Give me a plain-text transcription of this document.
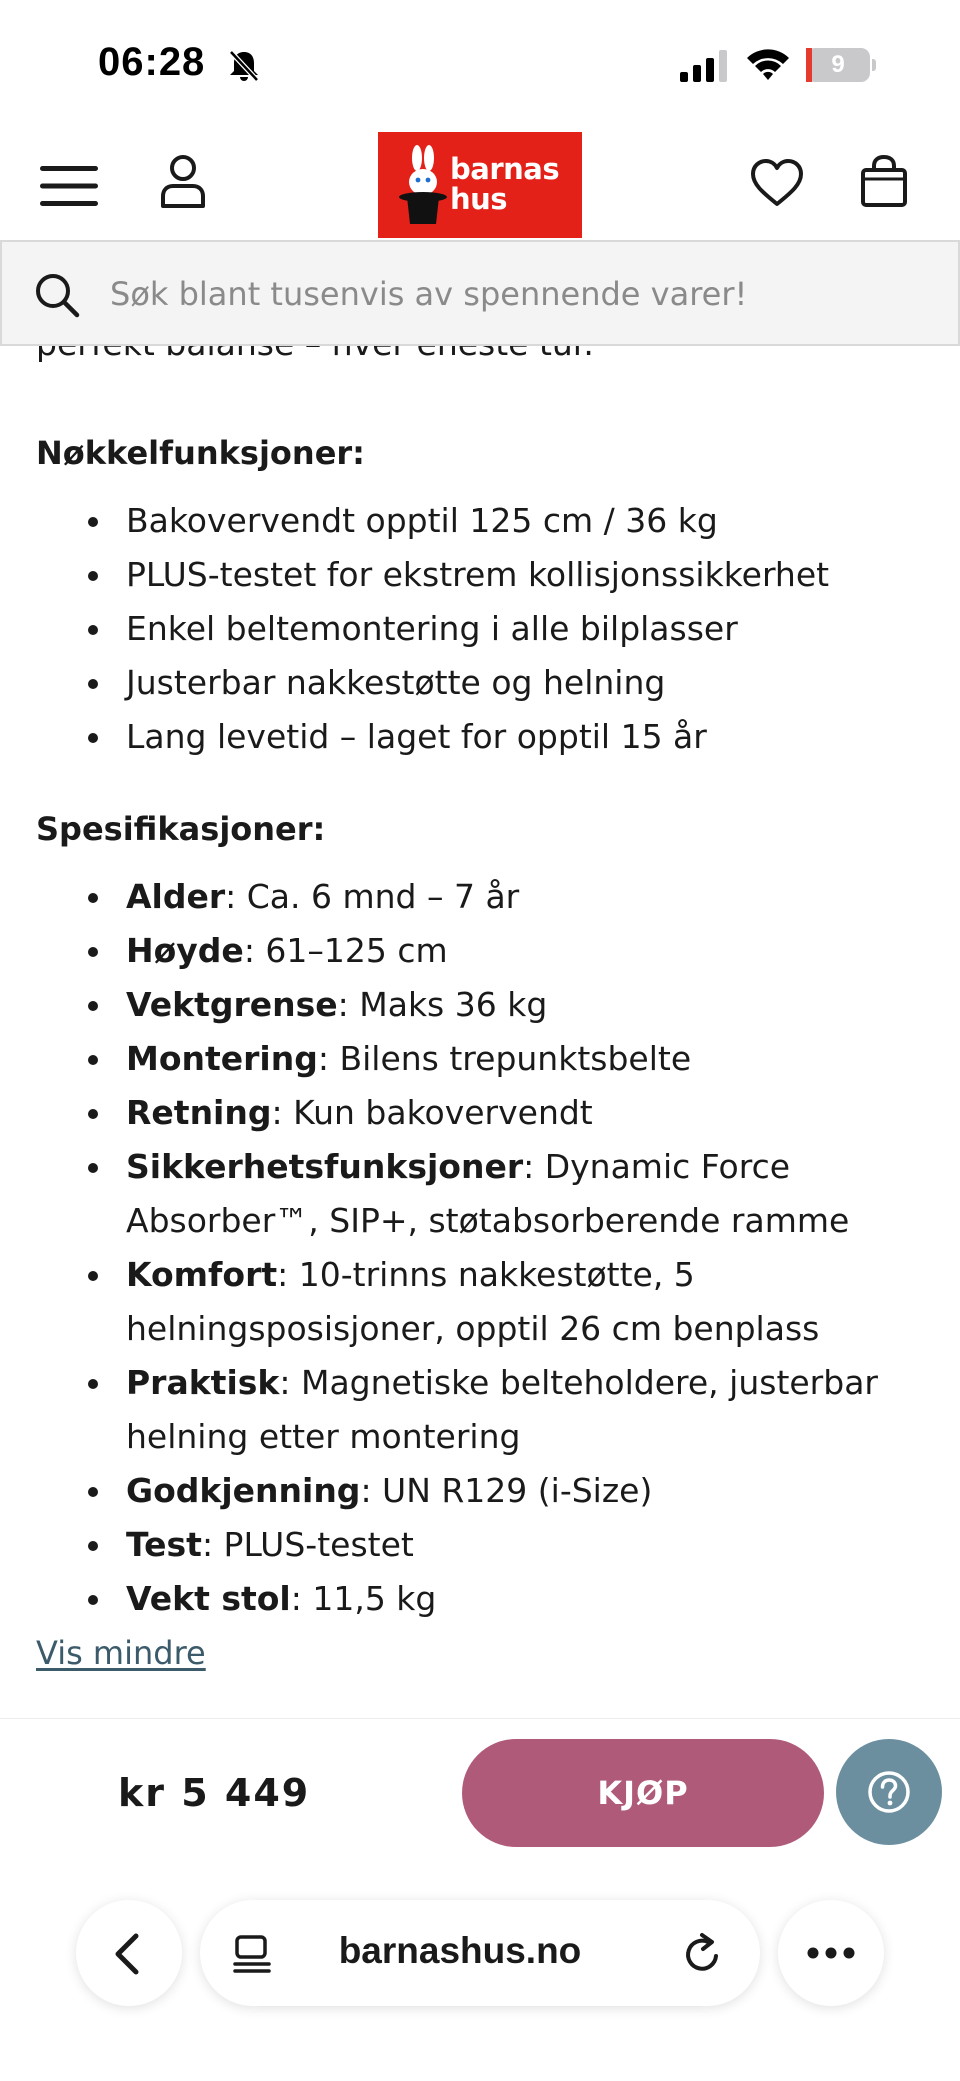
06:28	9
barnas
hus
Nøkkelfunksjoner:
Bakovervendt opptil 125 cm / 36 kg
PLUS-testet for ekstrem kollisjonssikkerhet
Enkel beltemontering i alle bilplasser
Justerbar nakkestøtte og helning
Lang levetid – laget for opptil 15 år
Spesifikasjoner:
Alder: Ca. 6 mnd – 7 år
Høyde: 61–125 cm
Vektgrense: Maks 36 kg
Montering: Bilens trepunktsbelte
Retning: Kun bakovervendt
Sikkerhetsfunksjoner: Dynamic Force Absorber™, SIP+, støtabsorberende ramme
Komfort: 10-trinns nakkestøtte, 5 helningsposisjoner, opptil 26 cm benplass
Praktisk: Magnetiske belteholdere, justerbar helning etter montering
Godkjenning: UN R129 (i-Size)
Test: PLUS-testet
Vekt stol: 11,5 kg
Vis mindre
Søk blant tusenvis av spennende varer!
kr 5 449	KJØP
barnashus.no
